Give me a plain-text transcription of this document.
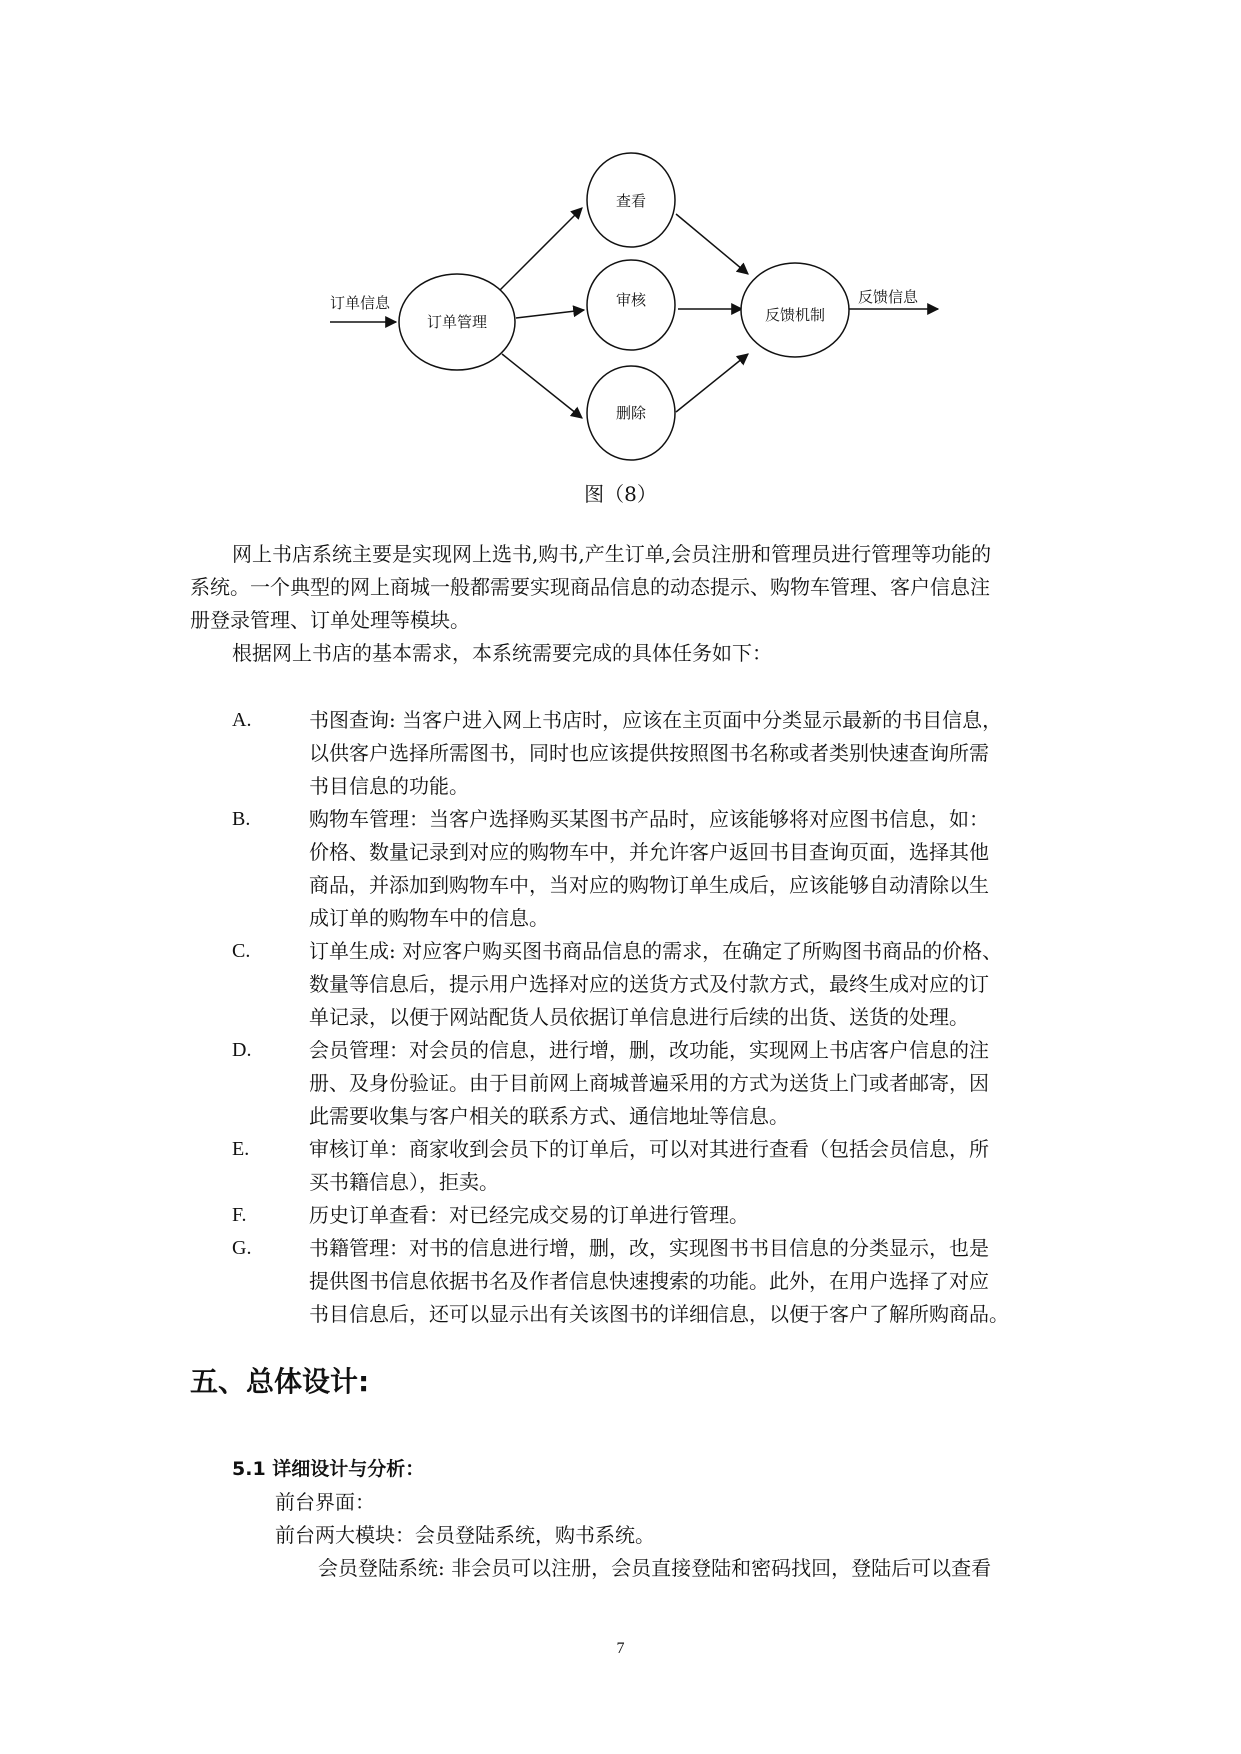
订单信息
订单管理
查看
审核
删除
反馈机制
反馈信息
图（8）
网上书店系统主要是实现网上选书,购书,产生订单,会员注册和管理员进行管理等功能的
系统。一个典型的网上商城一般都需要实现商品信息的动态提示、购物车管理、客户信息注
册登录管理、订单处理等模块。
根据网上书店的基本需求，本系统需要完成的具体任务如下：
A.	书图查询: 当客户进入网上书店时，应该在主页面中分类显示最新的书目信息，
以供客户选择所需图书，同时也应该提供按照图书名称或者类别快速查询所需
书目信息的功能。
B.	购物车管理：当客户选择购买某图书产品时，应该能够将对应图书信息，如：
价格、数量记录到对应的购物车中，并允许客户返回书目查询页面，选择其他
商品，并添加到购物车中，当对应的购物订单生成后，应该能够自动清除以生
成订单的购物车中的信息。
C.	订单生成: 对应客户购买图书商品信息的需求，在确定了所购图书商品的价格、
数量等信息后，提示用户选择对应的送货方式及付款方式，最终生成对应的订
单记录，以便于网站配货人员依据订单信息进行后续的出货、送货的处理。
D.	会员管理：对会员的信息，进行增，删，改功能，实现网上书店客户信息的注
册、及身份验证。由于目前网上商城普遍采用的方式为送货上门或者邮寄，因
此需要收集与客户相关的联系方式、通信地址等信息。
E.	审核订单：商家收到会员下的订单后，可以对其进行查看（包括会员信息，所
买书籍信息），拒卖。
F.	历史订单查看：对已经完成交易的订单进行管理。
G.	书籍管理：对书的信息进行增，删，改，实现图书书目信息的分类显示，也是
提供图书信息依据书名及作者信息快速搜索的功能。此外，在用户选择了对应
书目信息后，还可以显示出有关该图书的详细信息，以便于客户了解所购商品。
五、总体设计:
5.1 详细设计与分析：
前台界面：
前台两大模块：会员登陆系统，购书系统。
会员登陆系统: 非会员可以注册，会员直接登陆和密码找回，登陆后可以查看
7
